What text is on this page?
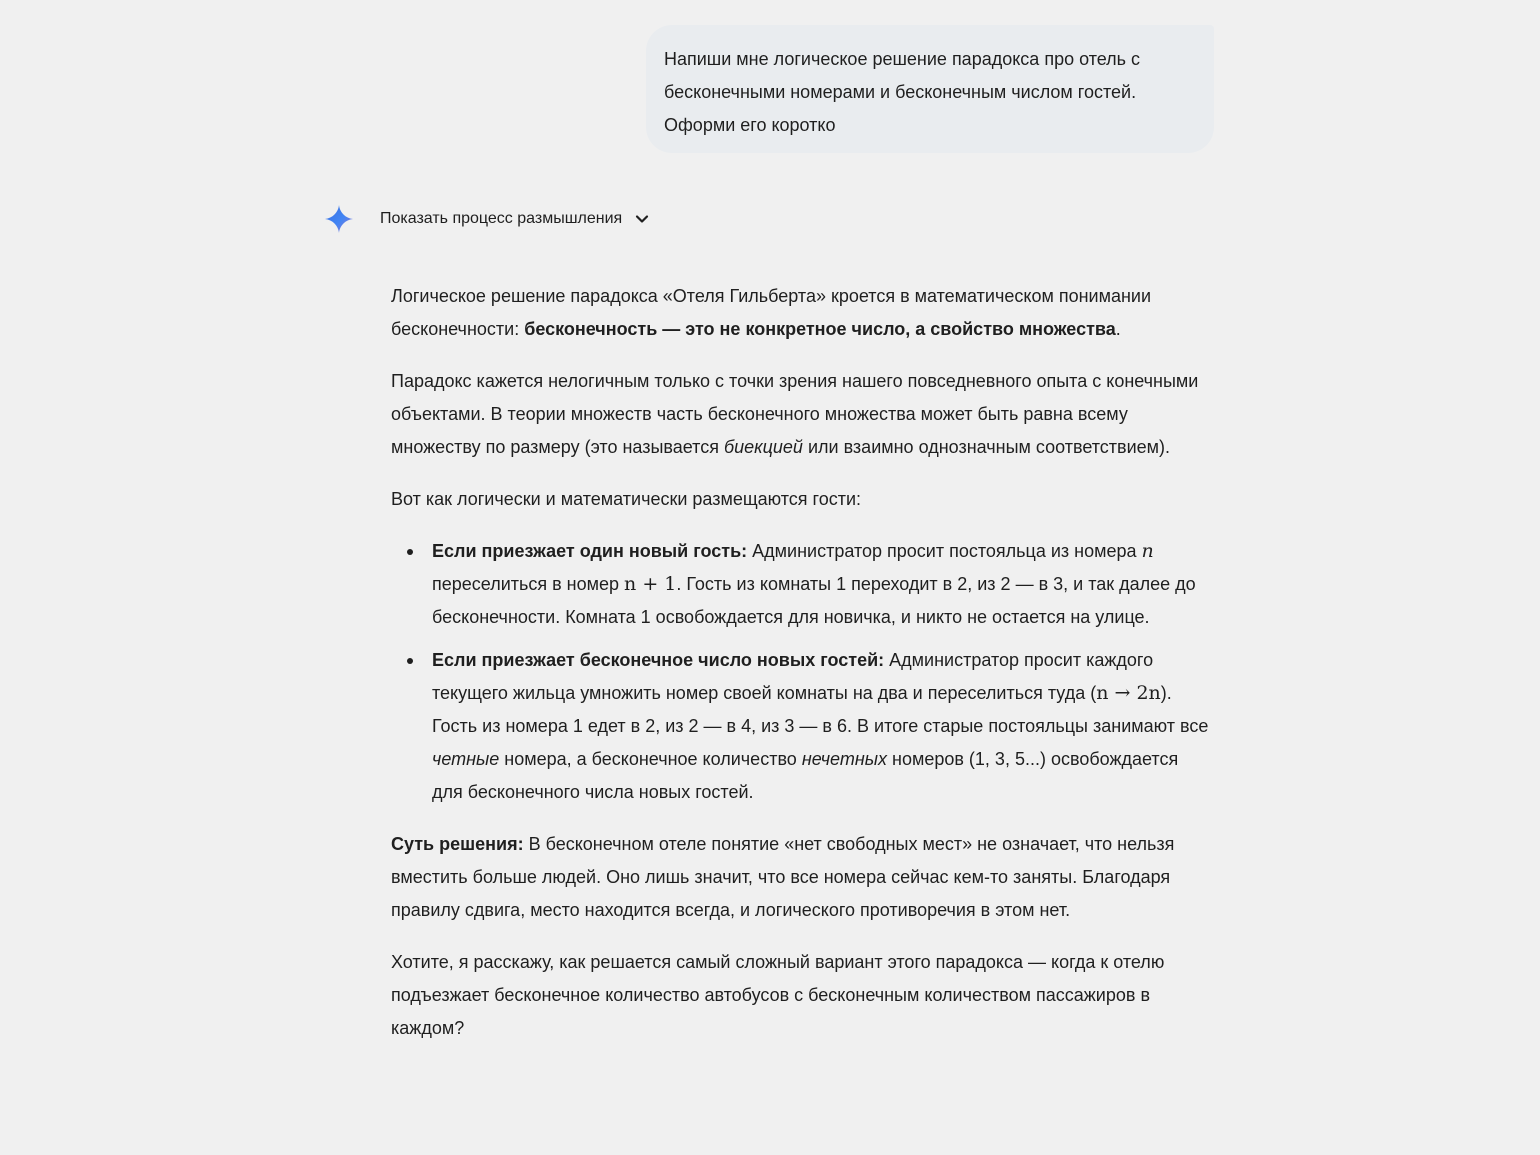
Напиши мне логическое решение парадокса про отель с бесконечными номерами и бесконечным числом гостей. Оформи его коротко

Показать процесс размышления

Логическое решение парадокса «Отеля Гильберта» кроется в математическом понимании бесконечности: бесконечность — это не конкретное число, а свойство множества.

Парадокс кажется нелогичным только с точки зрения нашего повседневного опыта с конечными объектами. В теории множеств часть бесконечного множества может быть равна всему множеству по размеру (это называется биекцией или взаимно однозначным соответствием).

Вот как логически и математически размещаются гости:

Если приезжает один новый гость: Администратор просит постояльца из номера n переселиться в номер n + 1. Гость из комнаты 1 переходит в 2, из 2 — в 3, и так далее до бесконечности. Комната 1 освобождается для новичка, и никто не остается на улице.
Если приезжает бесконечное число новых гостей: Администратор просит каждого текущего жильца умножить номер своей комнаты на два и переселиться туда (n → 2n). Гость из номера 1 едет в 2, из 2 — в 4, из 3 — в 6. В итоге старые постояльцы занимают все четные номера, а бесконечное количество нечетных номеров (1, 3, 5...) освобождается для бесконечного числа новых гостей.

Суть решения: В бесконечном отеле понятие «нет свободных мест» не означает, что нельзя вместить больше людей. Оно лишь значит, что все номера сейчас кем-то заняты. Благодаря правилу сдвига, место находится всегда, и логического противоречия в этом нет.

Хотите, я расскажу, как решается самый сложный вариант этого парадокса — когда к отелю подъезжает бесконечное количество автобусов с бесконечным количеством пассажиров в каждом?
